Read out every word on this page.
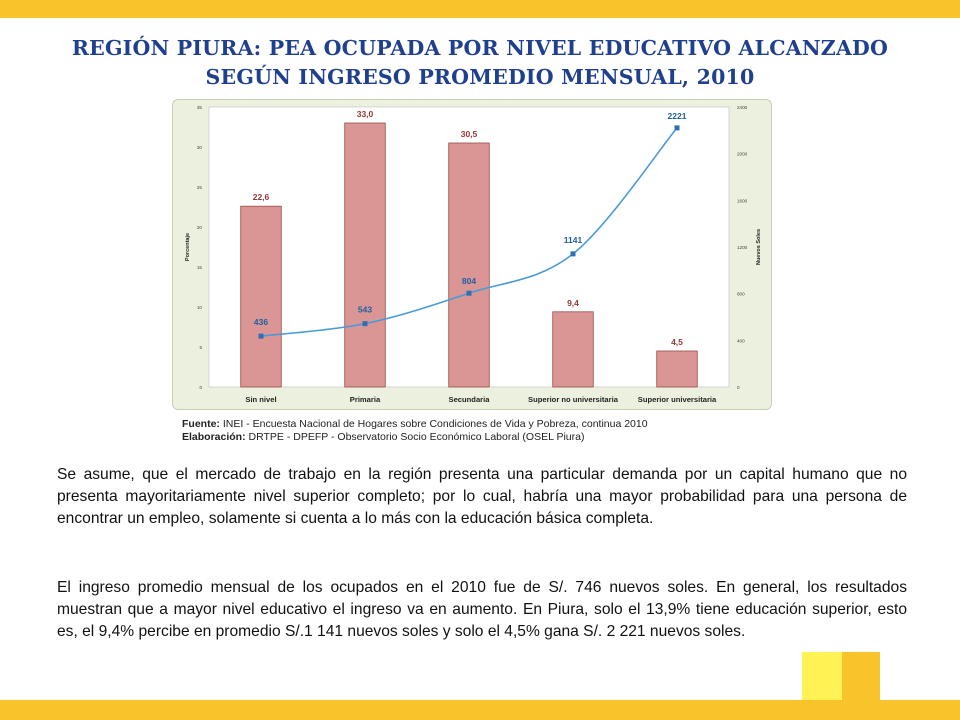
REGIÓN PIURA: PEA OCUPADA POR NIVEL EDUCATIVO ALCANZADO
SEGÚN INGRESO PROMEDIO MENSUAL, 2010
0
5
10
15
20
25
30
35
0
400
800
1200
1600
2000
2400
22,6
33,0
30,5
9,4
4,5
436
543
804
1141
2221
Sin nivel	Primaria	Secundaria	Superior no universitaria	Superior universitaria
Porcentaje	Nuevos Soles
Fuente: INEI - Encuesta Nacional de Hogares sobre Condiciones de Vida y Pobreza, continua 2010
Elaboración: DRTPE - DPEFP - Observatorio Socio Económico Laboral (OSEL Piura)

Se asume, que el mercado de trabajo en la región presenta una particular demanda por un capital humano que no presenta mayoritariamente nivel superior completo; por lo cual, habría una mayor probabilidad para una persona de encontrar un empleo, solamente si cuenta a lo más con la educación básica completa.

El ingreso promedio mensual de los ocupados en el 2010 fue de S/. 746 nuevos soles. En general, los resultados muestran que a mayor nivel educativo el ingreso va en aumento. En Piura, solo el 13,9% tiene educación superior, esto es, el 9,4% percibe en promedio S/.1 141 nuevos soles y solo el 4,5% gana S/. 2 221 nuevos soles.
